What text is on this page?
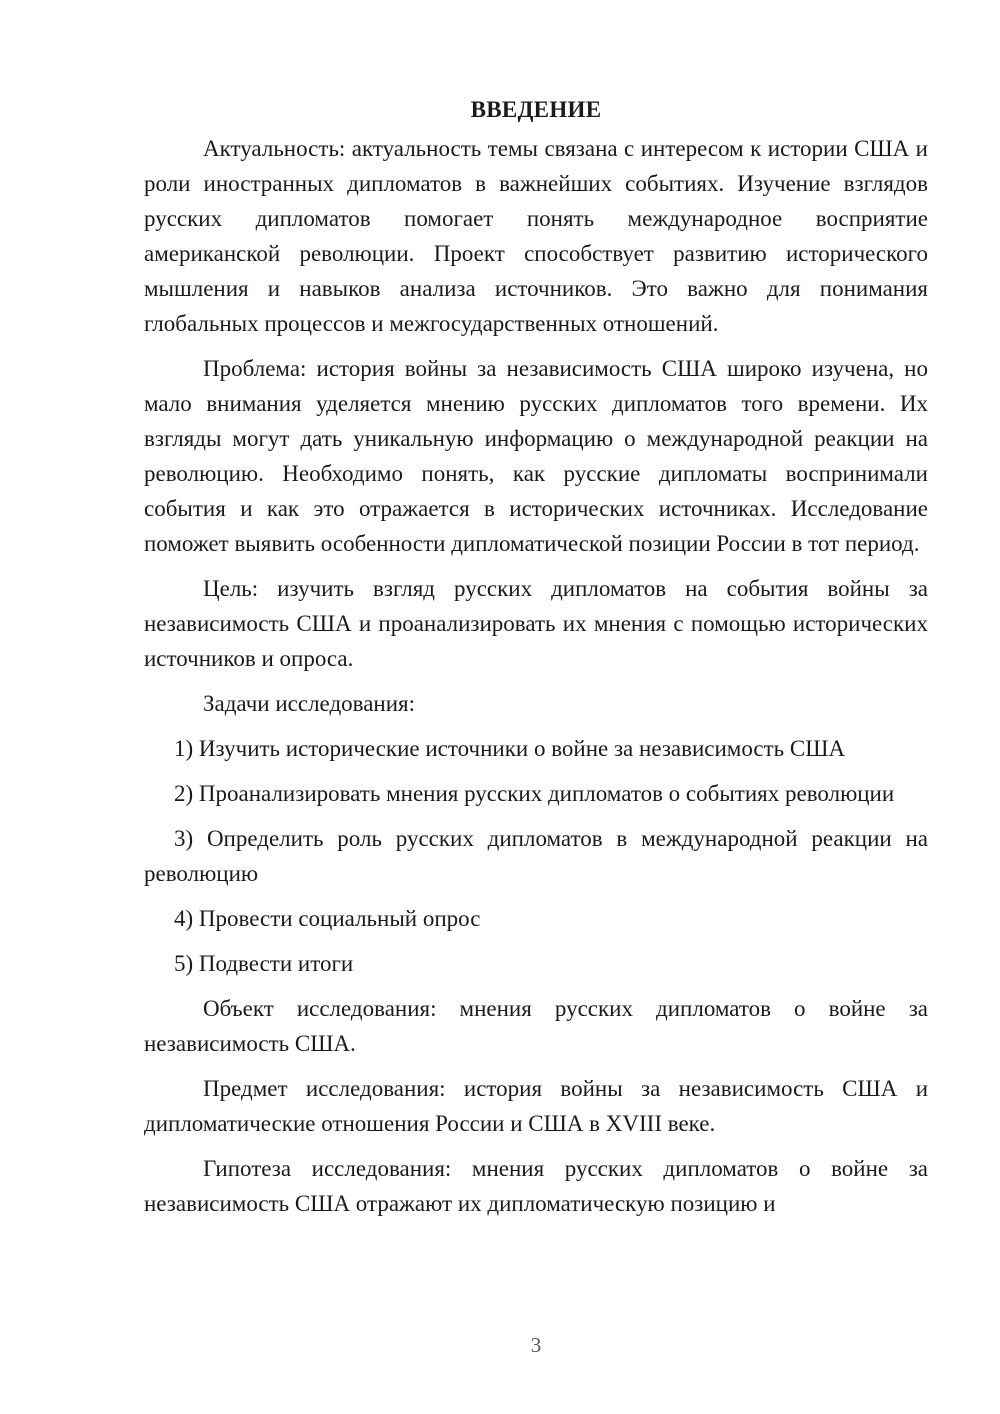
ВВЕДЕНИЕ

Актуальность: актуальность темы связана с интересом к истории США и роли иностранных дипломатов в важнейших событиях. Изучение взглядов русских дипломатов помогает понять международное восприятие американской революции. Проект способствует развитию исторического мышления и навыков анализа источников. Это важно для понимания глобальных процессов и межгосударственных отношений.

Проблема: история войны за независимость США широко изучена, но мало внимания уделяется мнению русских дипломатов того времени. Их взгляды могут дать уникальную информацию о международной реакции на революцию. Необходимо понять, как русские дипломаты воспринимали события и как это отражается в исторических источниках. Исследование поможет выявить особенности дипломатической позиции России в тот период.

Цель: изучить взгляд русских дипломатов на события войны за независимость США и проанализировать их мнения с помощью исторических источников и опроса.

Задачи исследования:

1) Изучить исторические источники о войне за независимость США

2) Проанализировать мнения русских дипломатов о событиях революции

3) Определить роль русских дипломатов в международной реакции на революцию

4) Провести социальный опрос

5) Подвести итоги

Объект исследования: мнения русских дипломатов о войне за независимость США.

Предмет исследования: история войны за независимость США и дипломатические отношения России и США в XVIII веке.

Гипотеза исследования: мнения русских дипломатов о войне за независимость США отражают их дипломатическую позицию и

3
